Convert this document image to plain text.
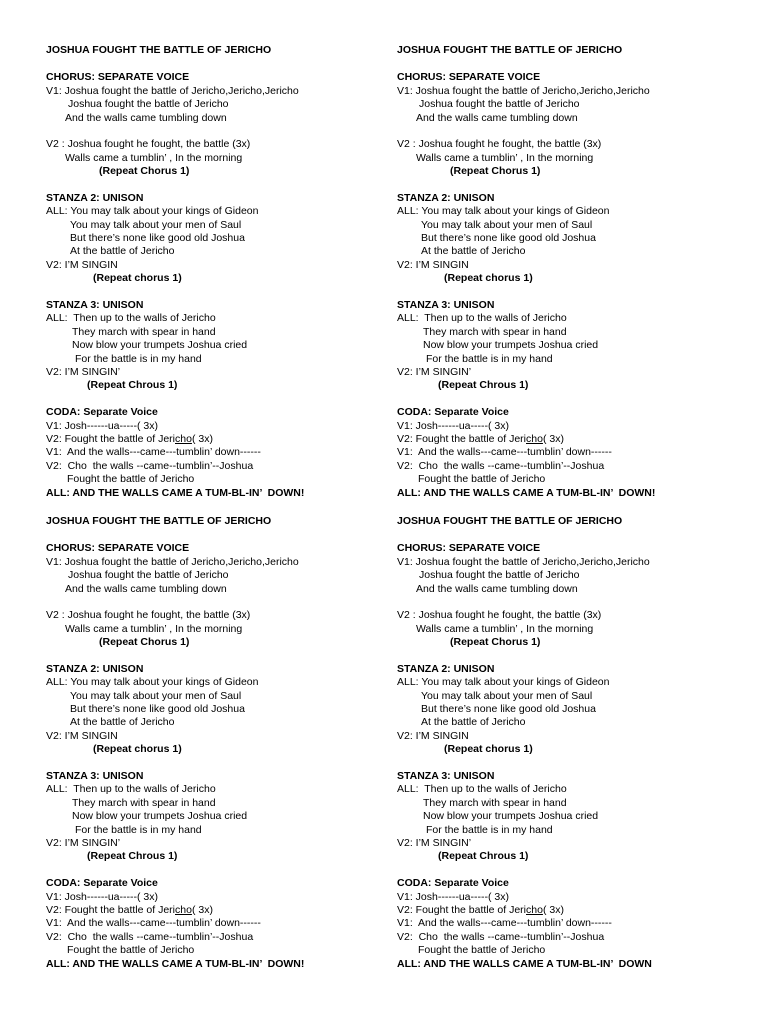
JOSHUA FOUGHT THE BATTLE OF JERICHO
CHORUS: SEPARATE VOICE
V1: Joshua fought the battle of Jericho,Jericho,Jericho
Joshua fought the battle of Jericho
And the walls came tumbling down
V2 : Joshua fought he fought, the battle (3x)
Walls came a tumblin’ , In the morning
(Repeat Chorus 1)
STANZA 2: UNISON
ALL: You may talk about your kings of Gideon
You may talk about your men of Saul
But there’s none like good old Joshua
At the battle of Jericho
V2: I’M SINGIN
(Repeat chorus 1)
STANZA 3: UNISON
ALL:  Then up to the walls of Jericho
They march with spear in hand
Now blow your trumpets Joshua cried
For the battle is in my hand
V2: I’M SINGIN’
(Repeat Chrous 1)
CODA: Separate Voice
V1: Josh------ua-----( 3x)
V2: Fought the battle of Jericho( 3x)
V1:  And the walls---came---tumblin’ down------
V2:  Cho  the walls --came--tumblin’--Joshua
Fought the battle of Jericho
ALL: AND THE WALLS CAME A TUM-BL-IN’  DOWN!
JOSHUA FOUGHT THE BATTLE OF JERICHO
CHORUS: SEPARATE VOICE
V1: Joshua fought the battle of Jericho,Jericho,Jericho
Joshua fought the battle of Jericho
And the walls came tumbling down
V2 : Joshua fought he fought, the battle (3x)
Walls came a tumblin’ , In the morning
(Repeat Chorus 1)
STANZA 2: UNISON
ALL: You may talk about your kings of Gideon
You may talk about your men of Saul
But there’s none like good old Joshua
At the battle of Jericho
V2: I’M SINGIN
(Repeat chorus 1)
STANZA 3: UNISON
ALL:  Then up to the walls of Jericho
They march with spear in hand
Now blow your trumpets Joshua cried
For the battle is in my hand
V2: I’M SINGIN’
(Repeat Chrous 1)
CODA: Separate Voice
V1: Josh------ua-----( 3x)
V2: Fought the battle of Jericho( 3x)
V1:  And the walls---came---tumblin’ down------
V2:  Cho  the walls --came--tumblin’--Joshua
Fought the battle of Jericho
ALL: AND THE WALLS CAME A TUM-BL-IN’  DOWN!
JOSHUA FOUGHT THE BATTLE OF JERICHO
CHORUS: SEPARATE VOICE
V1: Joshua fought the battle of Jericho,Jericho,Jericho
Joshua fought the battle of Jericho
And the walls came tumbling down
V2 : Joshua fought he fought, the battle (3x)
Walls came a tumblin’ , In the morning
(Repeat Chorus 1)
STANZA 2: UNISON
ALL: You may talk about your kings of Gideon
You may talk about your men of Saul
But there’s none like good old Joshua
At the battle of Jericho
V2: I’M SINGIN
(Repeat chorus 1)
STANZA 3: UNISON
ALL:  Then up to the walls of Jericho
They march with spear in hand
Now blow your trumpets Joshua cried
For the battle is in my hand
V2: I’M SINGIN’
(Repeat Chrous 1)
CODA: Separate Voice
V1: Josh------ua-----( 3x)
V2: Fought the battle of Jericho( 3x)
V1:  And the walls---came---tumblin’ down------
V2:  Cho  the walls --came--tumblin’--Joshua
Fought the battle of Jericho
ALL: AND THE WALLS CAME A TUM-BL-IN’  DOWN!
JOSHUA FOUGHT THE BATTLE OF JERICHO
CHORUS: SEPARATE VOICE
V1: Joshua fought the battle of Jericho,Jericho,Jericho
Joshua fought the battle of Jericho
And the walls came tumbling down
V2 : Joshua fought he fought, the battle (3x)
Walls came a tumblin’ , In the morning
(Repeat Chorus 1)
STANZA 2: UNISON
ALL: You may talk about your kings of Gideon
You may talk about your men of Saul
But there’s none like good old Joshua
At the battle of Jericho
V2: I’M SINGIN
(Repeat chorus 1)
STANZA 3: UNISON
ALL:  Then up to the walls of Jericho
They march with spear in hand
Now blow your trumpets Joshua cried
For the battle is in my hand
V2: I’M SINGIN’
(Repeat Chrous 1)
CODA: Separate Voice
V1: Josh------ua-----( 3x)
V2: Fought the battle of Jericho( 3x)
V1:  And the walls---came---tumblin’ down------
V2:  Cho  the walls --came--tumblin’--Joshua
Fought the battle of Jericho
ALL: AND THE WALLS CAME A TUM-BL-IN’  DOWN
